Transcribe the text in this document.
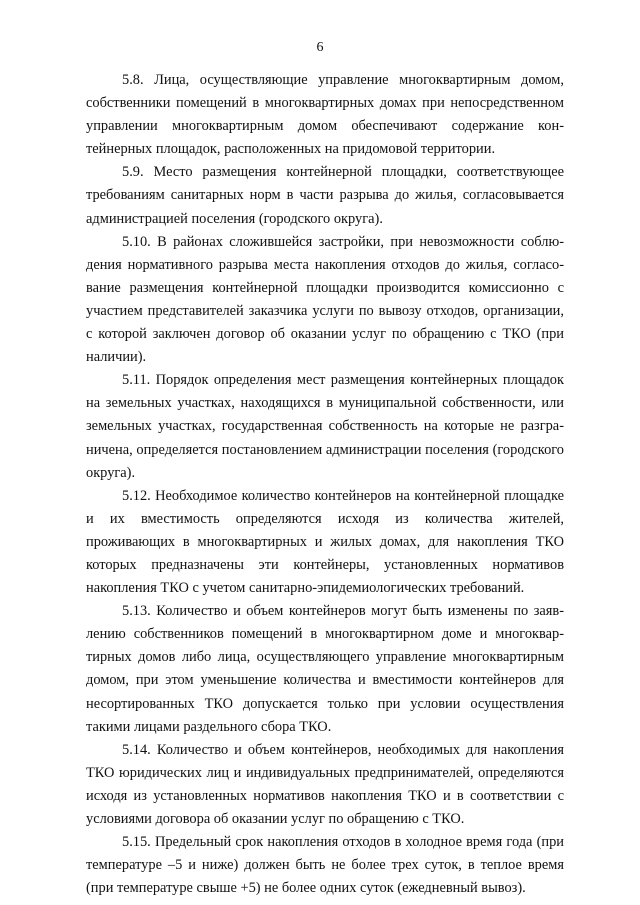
6

5.8. Лица, осуществляющие управление многоквартирным домом, собственники помещений в многоквартирных домах при непосредственном управлении многоквартирным домом обеспечивают содержание контейнерных площадок, расположенных на придомовой территории.

5.9. Место размещения контейнерной площадки, соответствующее требованиям санитарных норм в части разрыва до жилья, согласовывается администрацией поселения (городского округа).

5.10. В районах сложившейся застройки, при невозможности соблюдения нормативного разрыва места накопления отходов до жилья, согласование размещения контейнерной площадки производится комиссионно с участием представителей заказчика услуги по вывозу отходов, организации, с которой заключен договор об оказании услуг по обращению с ТКО (при наличии).

5.11. Порядок определения мест размещения контейнерных площадок на земельных участках, находящихся в муниципальной собственности, или земельных участках, государственная собственность на которые не разграничена, определяется постановлением администрации поселения (городского округа).

5.12. Необходимое количество контейнеров на контейнерной площадке и их вместимость определяются исходя из количества жителей, проживающих в многоквартирных и жилых домах, для накопления ТКО которых предназначены эти контейнеры, установленных нормативов накопления ТКО с учетом санитарно-эпидемиологических требований.

5.13. Количество и объем контейнеров могут быть изменены по заявлению собственников помещений в многоквартирном доме и многоквартирных домов либо лица, осуществляющего управление многоквартирным домом, при этом уменьшение количества и вместимости контейнеров для несортированных ТКО допускается только при условии осуществления такими лицами раздельного сбора ТКО.

5.14. Количество и объем контейнеров, необходимых для накопления ТКО юридических лиц и индивидуальных предпринимателей, определяются исходя из установленных нормативов накопления ТКО и в соответствии с условиями договора об оказании услуг по обращению с ТКО.

5.15. Предельный срок накопления отходов в холодное время года (при температуре –5 и ниже) должен быть не более трех суток, в теплое время (при температуре свыше +5) не более одних суток (ежедневный вывоз).
